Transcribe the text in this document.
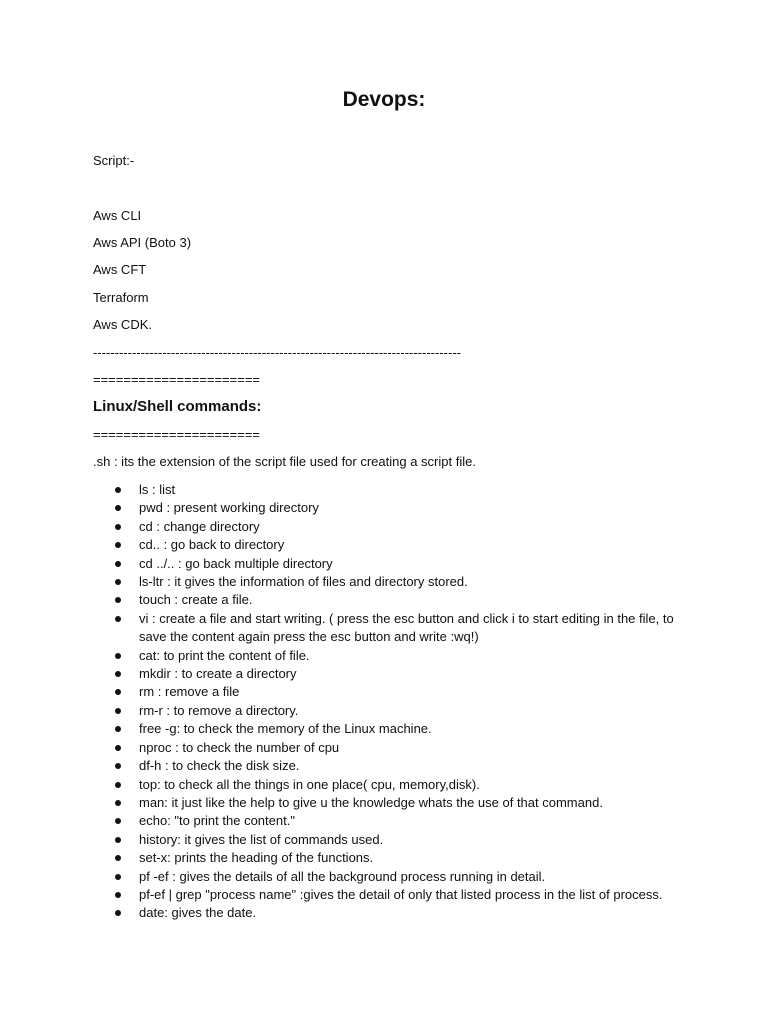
Devops:

Script:-

Aws CLI

Aws API (Boto 3)

Aws CFT

Terraform

Aws CDK.

-------------------------------------------------------------------------------------

======================

Linux/Shell commands:

======================

.sh : its the extension of the script file used for creating a script file.

ls : list
pwd : present working directory
cd : change directory
cd.. : go back to directory
cd ../.. : go back multiple directory
ls-ltr : it gives the information of files and directory stored.
touch : create a file.
vi : create a file and start writing. ( press the esc button and click i to start editing in the file, to save the content again press the esc button and write :wq!)
cat: to print the content of file.
mkdir : to create a directory
rm : remove a file
rm-r : to remove a directory.
free -g: to check the memory of the Linux machine.
nproc : to check the number of cpu
df-h : to check the disk size.
top: to check all the things in one place( cpu, memory,disk).
man: it just like the help to give u the knowledge whats the use of that command.
echo: "to print the content."
history: it gives the list of commands used.
set-x: prints the heading of the functions.
pf -ef : gives the details of all the background process running in detail.
pf-ef | grep "process name" :gives the detail of only that listed process in the list of process.
date: gives the date.
